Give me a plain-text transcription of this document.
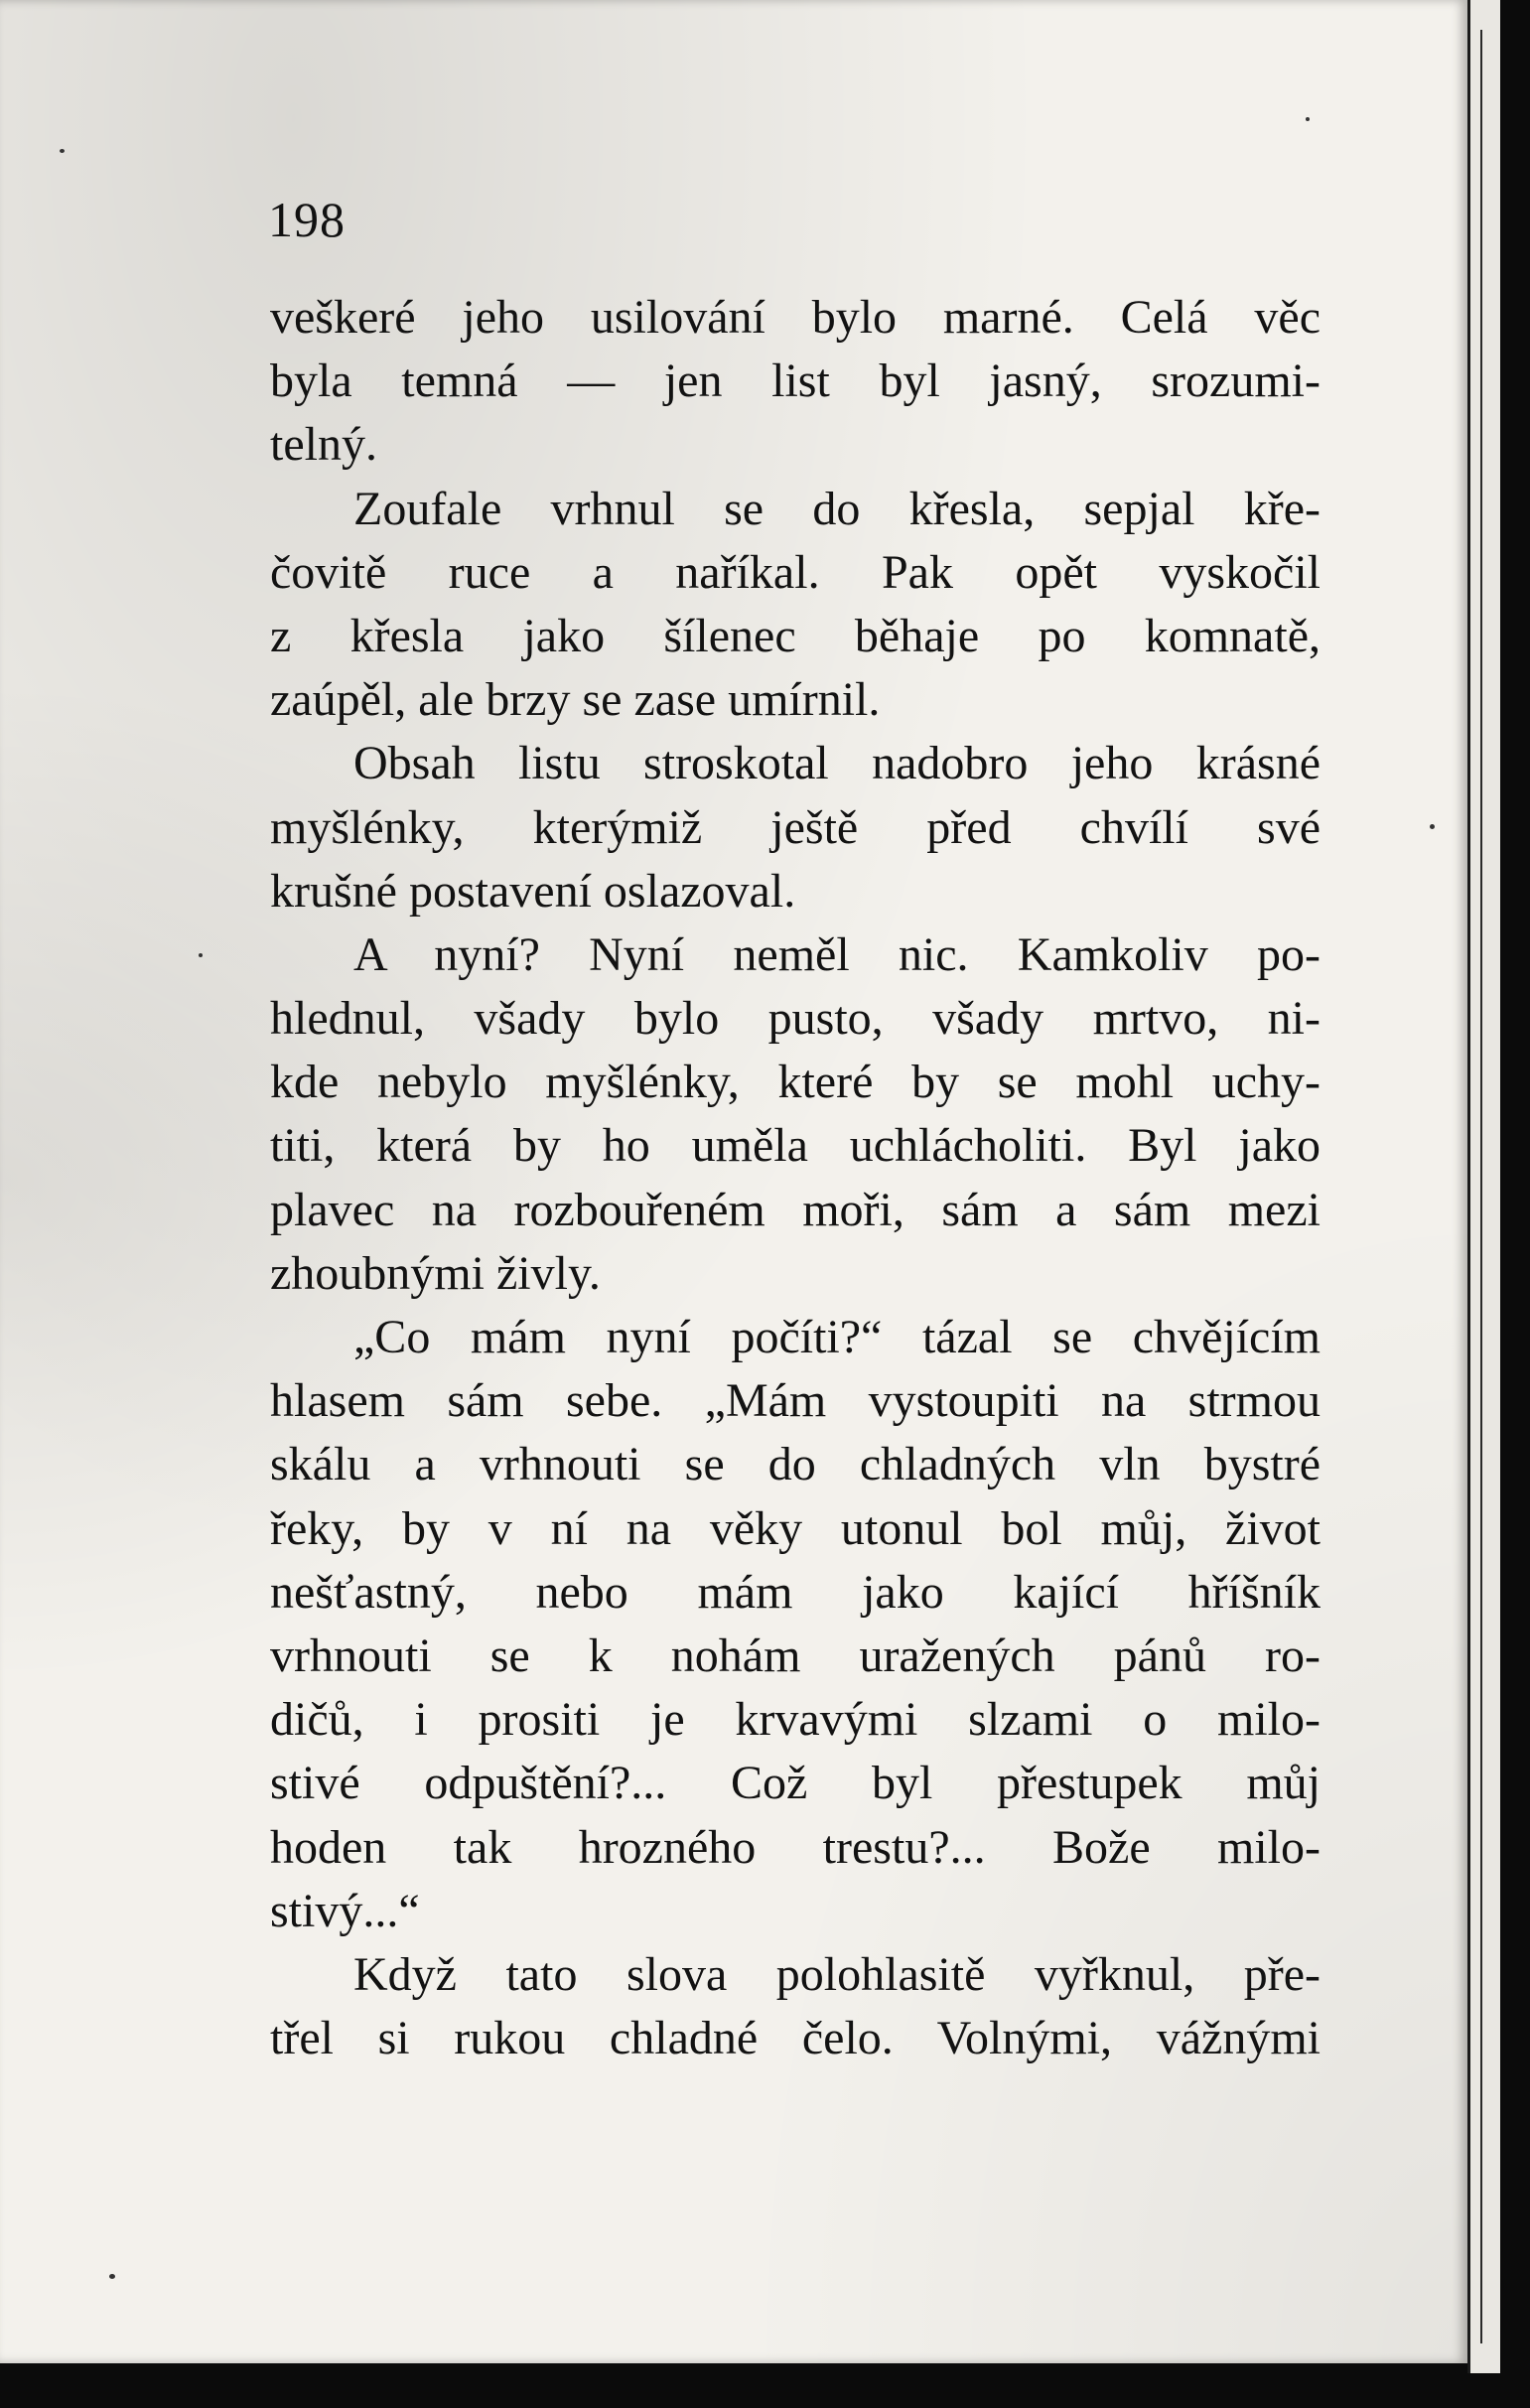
198
veškeré jeho usilování bylo marné. Celá věc
byla temná — jen list byl jasný, srozumi-
telný.
Zoufale vrhnul se do křesla, sepjal kře-
čovitě ruce a naříkal. Pak opět vyskočil
z křesla jako šílenec běhaje po komnatě,
zaúpěl, ale brzy se zase umírnil.
Obsah listu stroskotal nadobro jeho krásné
myšlénky, kterýmiž ještě před chvílí své
krušné postavení oslazoval.
A nyní? Nyní neměl nic. Kamkoliv po-
hlednul, všady bylo pusto, všady mrtvo, ni-
kde nebylo myšlénky, které by se mohl uchy-
titi, která by ho uměla uchlácholiti. Byl jako
plavec na rozbouřeném moři, sám a sám mezi
zhoubnými živly.
„Co mám nyní počíti?“ tázal se chvějícím
hlasem sám sebe. „Mám vystoupiti na strmou
skálu a vrhnouti se do chladných vln bystré
řeky, by v ní na věky utonul bol můj, život
nešťastný, nebo mám jako kající hříšník
vrhnouti se k nohám uražených pánů ro-
dičů, i prositi je krvavými slzami o milo-
stivé odpuštění?... Což byl přestupek můj
hoden tak hrozného trestu?... Bože milo-
stivý...“
Když tato slova polohlasitě vyřknul, pře-
třel si rukou chladné čelo. Volnými, vážnými
